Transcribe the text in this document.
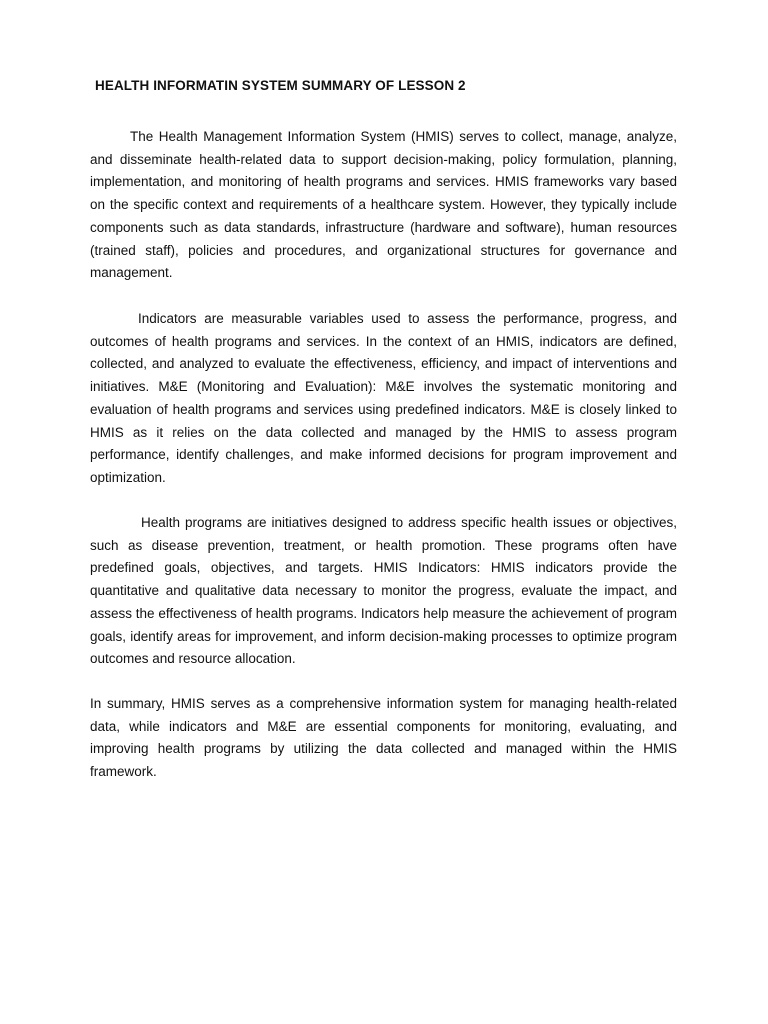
HEALTH INFORMATIN SYSTEM SUMMARY OF LESSON 2

The Health Management Information System (HMIS) serves to collect, manage, analyze, and disseminate health-related data to support decision-making, policy formulation, planning, implementation, and monitoring of health programs and services. HMIS frameworks vary based on the specific context and requirements of a healthcare system. However, they typically include components such as data standards, infrastructure (hardware and software), human resources (trained staff), policies and procedures, and organizational structures for governance and management.

Indicators are measurable variables used to assess the performance, progress, and outcomes of health programs and services. In the context of an HMIS, indicators are defined, collected, and analyzed to evaluate the effectiveness, efficiency, and impact of interventions and initiatives. M&E (Monitoring and Evaluation): M&E involves the systematic monitoring and evaluation of health programs and services using predefined indicators. M&E is closely linked to HMIS as it relies on the data collected and managed by the HMIS to assess program performance, identify challenges, and make informed decisions for program improvement and optimization.

Health programs are initiatives designed to address specific health issues or objectives, such as disease prevention, treatment, or health promotion. These programs often have predefined goals, objectives, and targets. HMIS Indicators: HMIS indicators provide the quantitative and qualitative data necessary to monitor the progress, evaluate the impact, and assess the effectiveness of health programs. Indicators help measure the achievement of program goals, identify areas for improvement, and inform decision-making processes to optimize program outcomes and resource allocation.

In summary, HMIS serves as a comprehensive information system for managing health-related data, while indicators and M&E are essential components for monitoring, evaluating, and improving health programs by utilizing the data collected and managed within the HMIS framework.
